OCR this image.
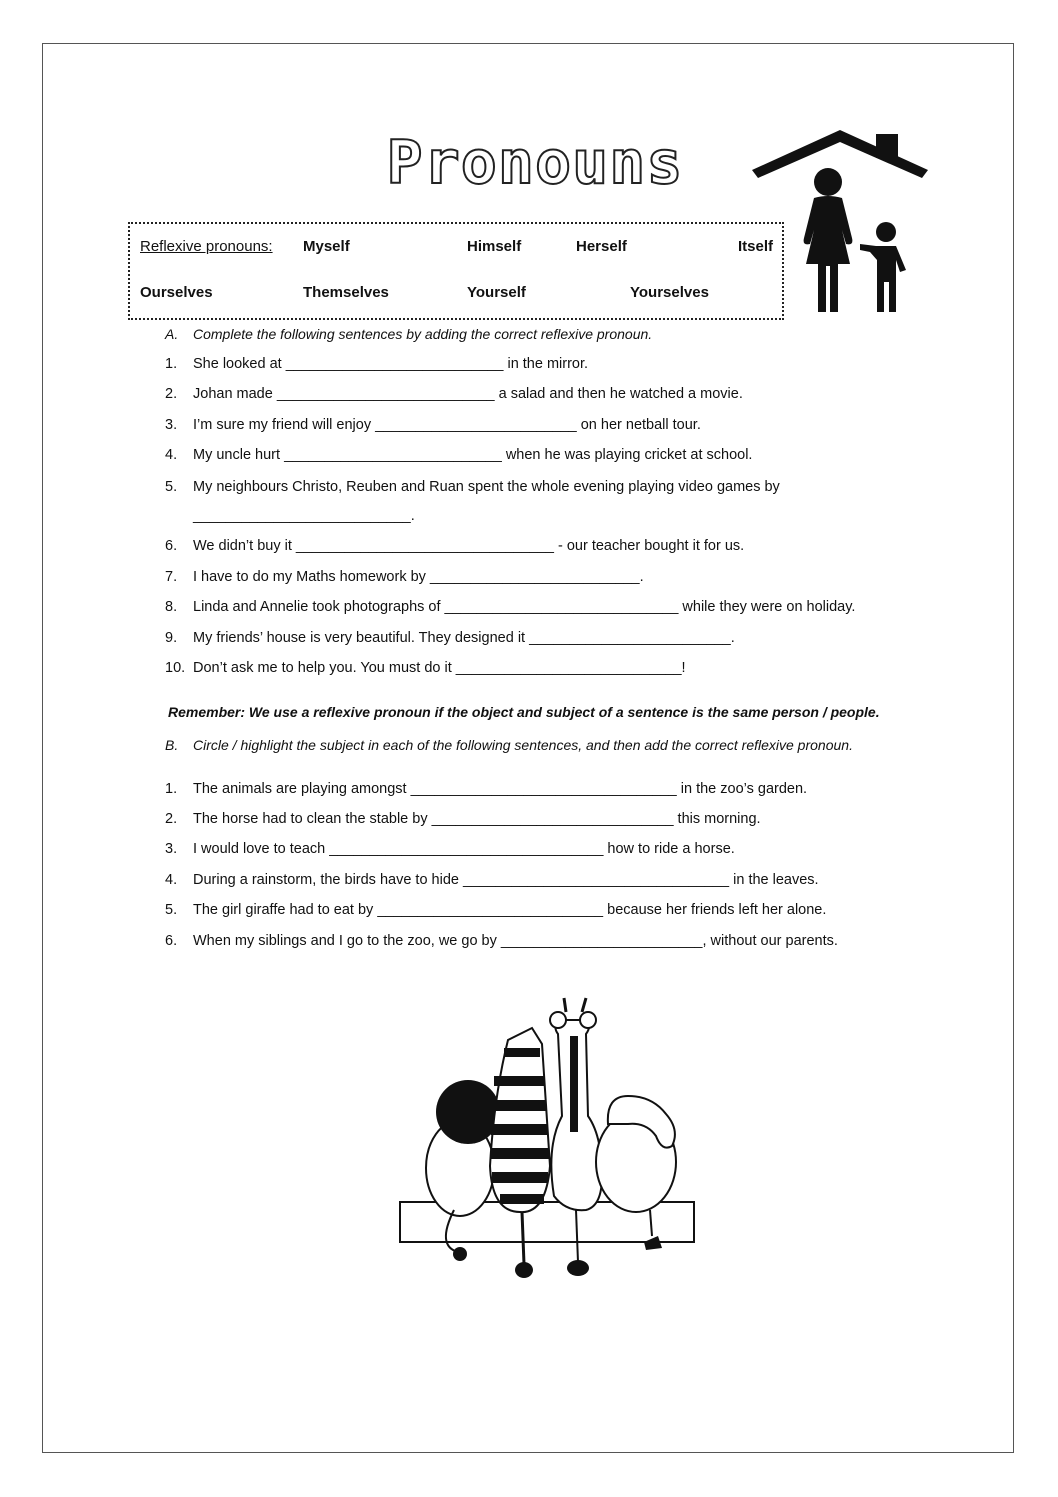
Pronouns
Reflexive pronouns: Myself	Himself	Herself	Itself
Ourselves	Themselves	Yourself	Yourselves
A. Complete the following sentences by adding the correct reflexive pronoun.
1. She looked at ___________________________ in the mirror.
2. Johan made ___________________________ a salad and then he watched a movie.
3. I’m sure my friend will enjoy _________________________ on her netball tour.
4. My uncle hurt ___________________________ when he was playing cricket at school.
5. My neighbours Christo, Reuben and Ruan spent the whole evening playing video games by
___________________________.
6. We didn’t buy it ________________________________ - our teacher bought it for us.
7. I have to do my Maths homework by __________________________.
8. Linda and Annelie took photographs of _____________________________ while they were on holiday.
9. My friends’ house is very beautiful. They designed it _________________________.
10. Don’t ask me to help you. You must do it ____________________________!
Remember: We use a reflexive pronoun if the object and subject of a sentence is the same person / people.
B. Circle / highlight the subject in each of the following sentences, and then add the correct reflexive pronoun.
1. The animals are playing amongst _________________________________ in the zoo’s garden.
2. The horse had to clean the stable by ______________________________ this morning.
3. I would love to teach __________________________________ how to ride a horse.
4. During a rainstorm, the birds have to hide _________________________________ in the leaves.
5. The girl giraffe had to eat by ____________________________ because her friends left her alone.
6. When my siblings and I go to the zoo, we go by _________________________, without our parents.
